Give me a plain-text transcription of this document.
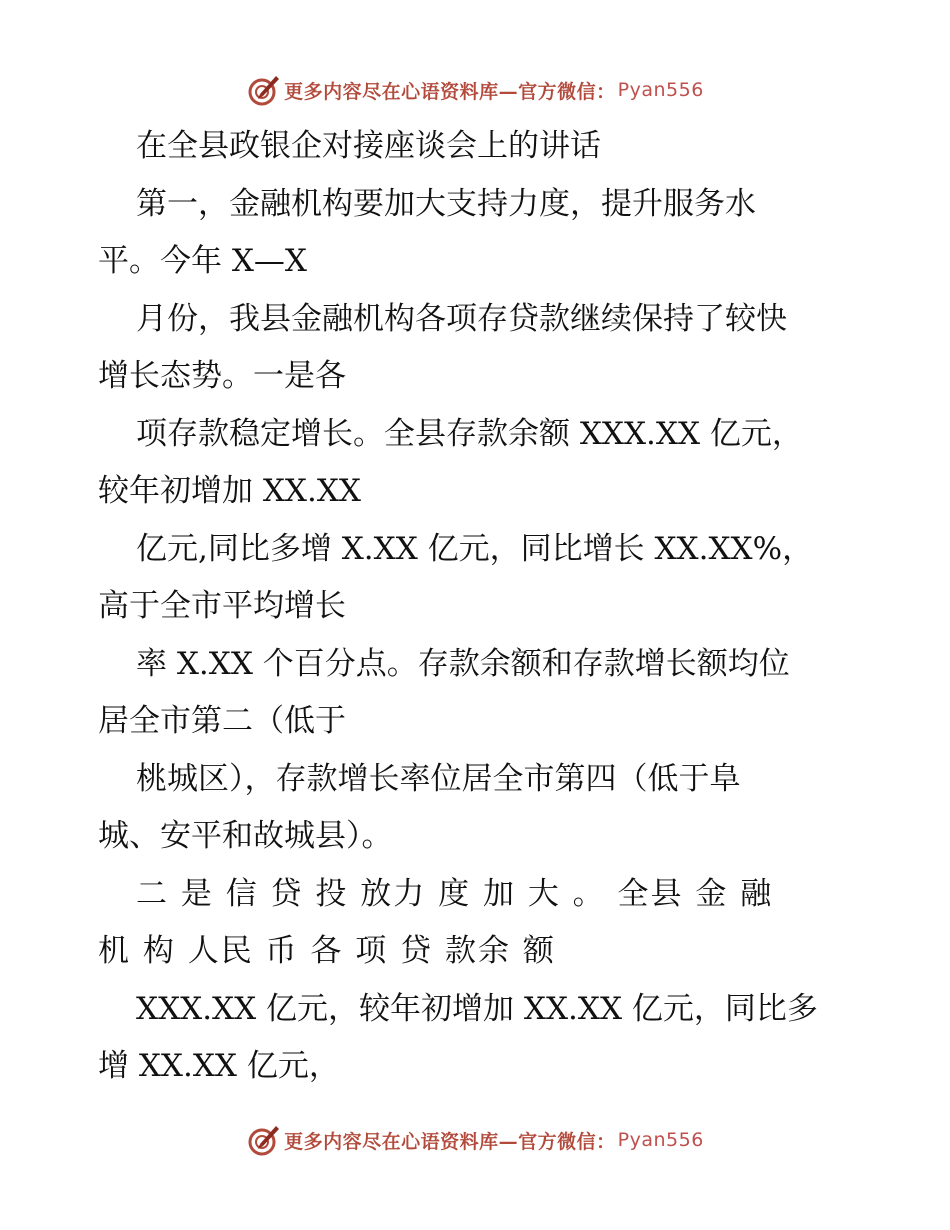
更多内容尽在心语资料库—官方微信： Pyan556
在全县政银企对接座谈会上的讲话
第一，金融机构要加大支持力度，提升服务水
平。今年 X—X
月份，我县金融机构各项存贷款继续保持了较快
增长态势。一是各
项存款稳定增长。全县存款余额 XXX.XX 亿元，
较年初增加 XX.XX
亿元,同比多增 X.XX 亿元，同比增长 XX.XX%，
高于全市平均增长
率 X.XX 个百分点。存款余额和存款增长额均位
居全市第二（低于
桃城区），存款增长率位居全市第四（低于阜
城、安平和故城县）。
二 是 信 贷 投 放力 度 加 大 。 全县 金 融
机 构 人民 币 各 项 贷 款余 额
XXX.XX 亿元，较年初增加 XX.XX 亿元，同比多
增 XX.XX 亿元，
更多内容尽在心语资料库—官方微信： Pyan556
